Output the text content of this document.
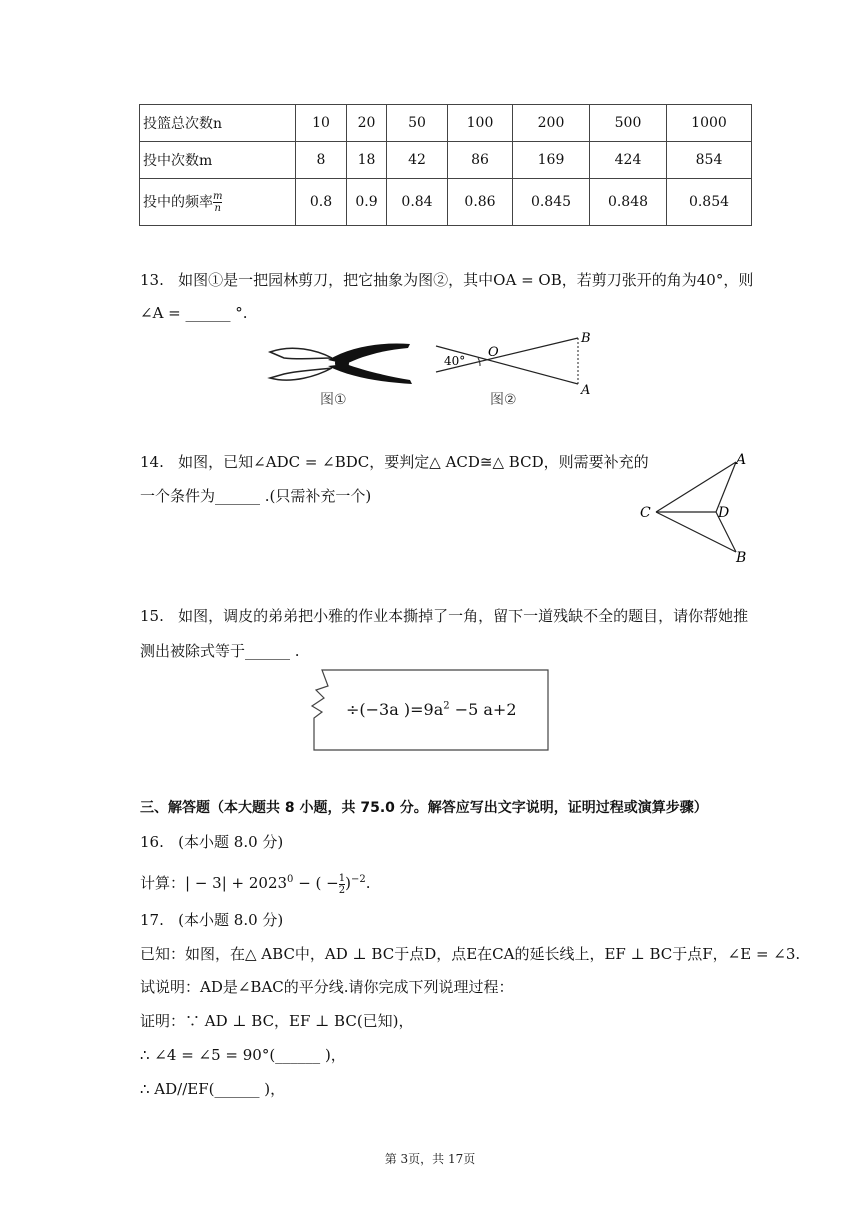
投篮总次数n	10	20	50	100	200	500	1000
投中次数m	8	18	42	86	169	424	854
投中的频率 $\frac{m}{n}$	0.8	0.9	0.84	0.86	0.845	0.848	0.854
13. 如图①是一把园林剪刀，把它抽象为图②，其中OA = OB，若剪刀张开的角为40°，则
∠A = ______ °.
图①
40°
O
B
A
图②
14. 如图，已知∠ADC = ∠BDC，要判定△ ACD≅△ BCD，则需要补充的
一个条件为______ .(只需补充一个)
A
B
C	D
15. 如图，调皮的弟弟把小雅的作业本撕掉了一角，留下一道残缺不全的题目，请你帮她推
测出被除式等于______ .
÷(−3a )$=9a^2 -5$ a+2
三、解答题（本大题共 8 小题，共 75.0 分。解答应写出文字说明，证明过程或演算步骤）
16. (本小题 8.0 分)
计算：| − $3| + 2023^0$ − ( − $\frac{1}{2} )^{-2}$.
17. (本小题 8.0 分)
已知：如图，在△ ABC中，AD ⊥ BC于点D，点E在CA的延长线上，EF ⊥ BC于点F，∠E = ∠3.
试说明：AD是∠BAC的平分线.请你完成下列说理过程：
证明：∵ AD ⊥ BC，EF ⊥ BC(已知)，
∴ ∠4 = ∠5 = 90°(______ )，
∴ AD//EF(______ )，
第 3页，共 17页
